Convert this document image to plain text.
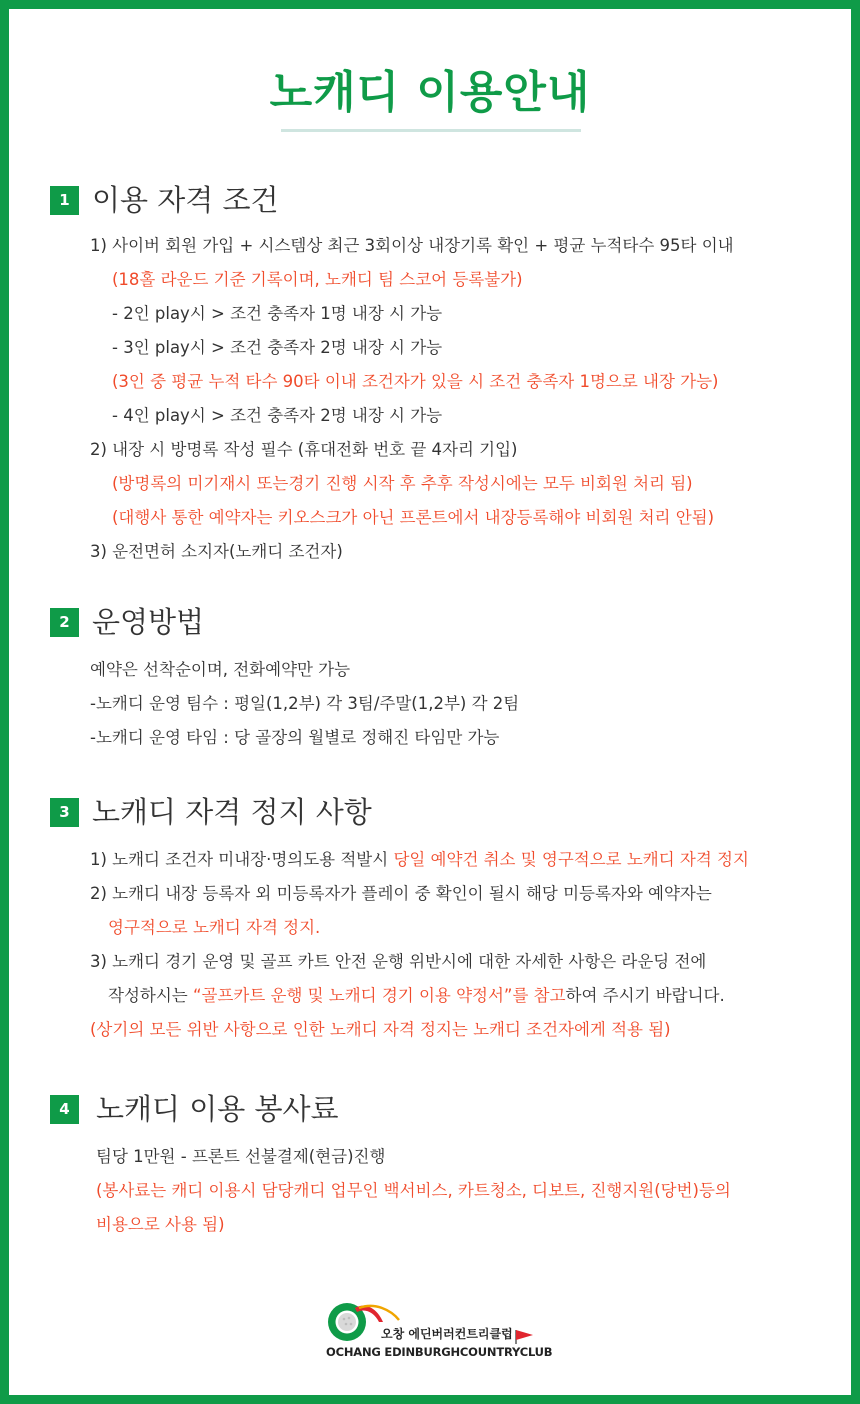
노캐디 이용안내
1 이용 자격 조건
1) 사이버 회원 가입 + 시스템상 최근 3회이상 내장기록 확인 + 평균 누적타수 95타 이내
(18홀 라운드 기준 기록이며, 노캐디 팀 스코어 등록불가)
- 2인 play시 > 조건 충족자 1명 내장 시 가능
- 3인 play시 > 조건 충족자 2명 내장 시 가능
(3인 중 평균 누적 타수 90타 이내 조건자가 있을 시 조건 충족자 1명으로 내장 가능)
- 4인 play시 > 조건 충족자 2명 내장 시 가능
2) 내장 시 방명록 작성 필수 (휴대전화 번호 끝 4자리 기입)
(방명록의 미기재시 또는경기 진행 시작 후 추후 작성시에는 모두 비회원 처리 됨)
(대행사 통한 예약자는 키오스크가 아닌 프론트에서 내장등록해야 비회원 처리 안됨)
3) 운전면허 소지자(노캐디 조건자)
2 운영방법
예약은 선착순이며, 전화예약만 가능
-노캐디 운영 팀수 : 평일(1,2부) 각 3팀/주말(1,2부) 각 2팀
-노캐디 운영 타임 : 당 골장의 월별로 정해진 타임만 가능
3 노캐디 자격 정지 사항
1) 노캐디 조건자 미내장·명의도용 적발시 당일 예약건 취소 및 영구적으로 노캐디 자격 정지
2) 노캐디 내장 등록자 외 미등록자가 플레이 중 확인이 될시 해당 미등록자와 예약자는
영구적으로 노캐디 자격 정지.
3) 노캐디 경기 운영 및 골프 카트 안전 운행 위반시에 대한 자세한 사항은 라운딩 전에
작성하시는 “골프카트 운행 및 노캐디 경기 이용 약정서”를 참고하여 주시기 바랍니다.
(상기의 모든 위반 사항으로 인한 노캐디 자격 정지는 노캐디 조건자에게 적용 됨)
4 노캐디 이용 봉사료
팀당 1만원 - 프론트 선불결제(현금)진행
(봉사료는 캐디 이용시 담당캐디 업무인 백서비스, 카트청소, 디보트, 진행지원(당번)등의
비용으로 사용 됨)
오창 에딘버러컨트리클럽
OCHANG EDINBURGHCOUNTRYCLUB
